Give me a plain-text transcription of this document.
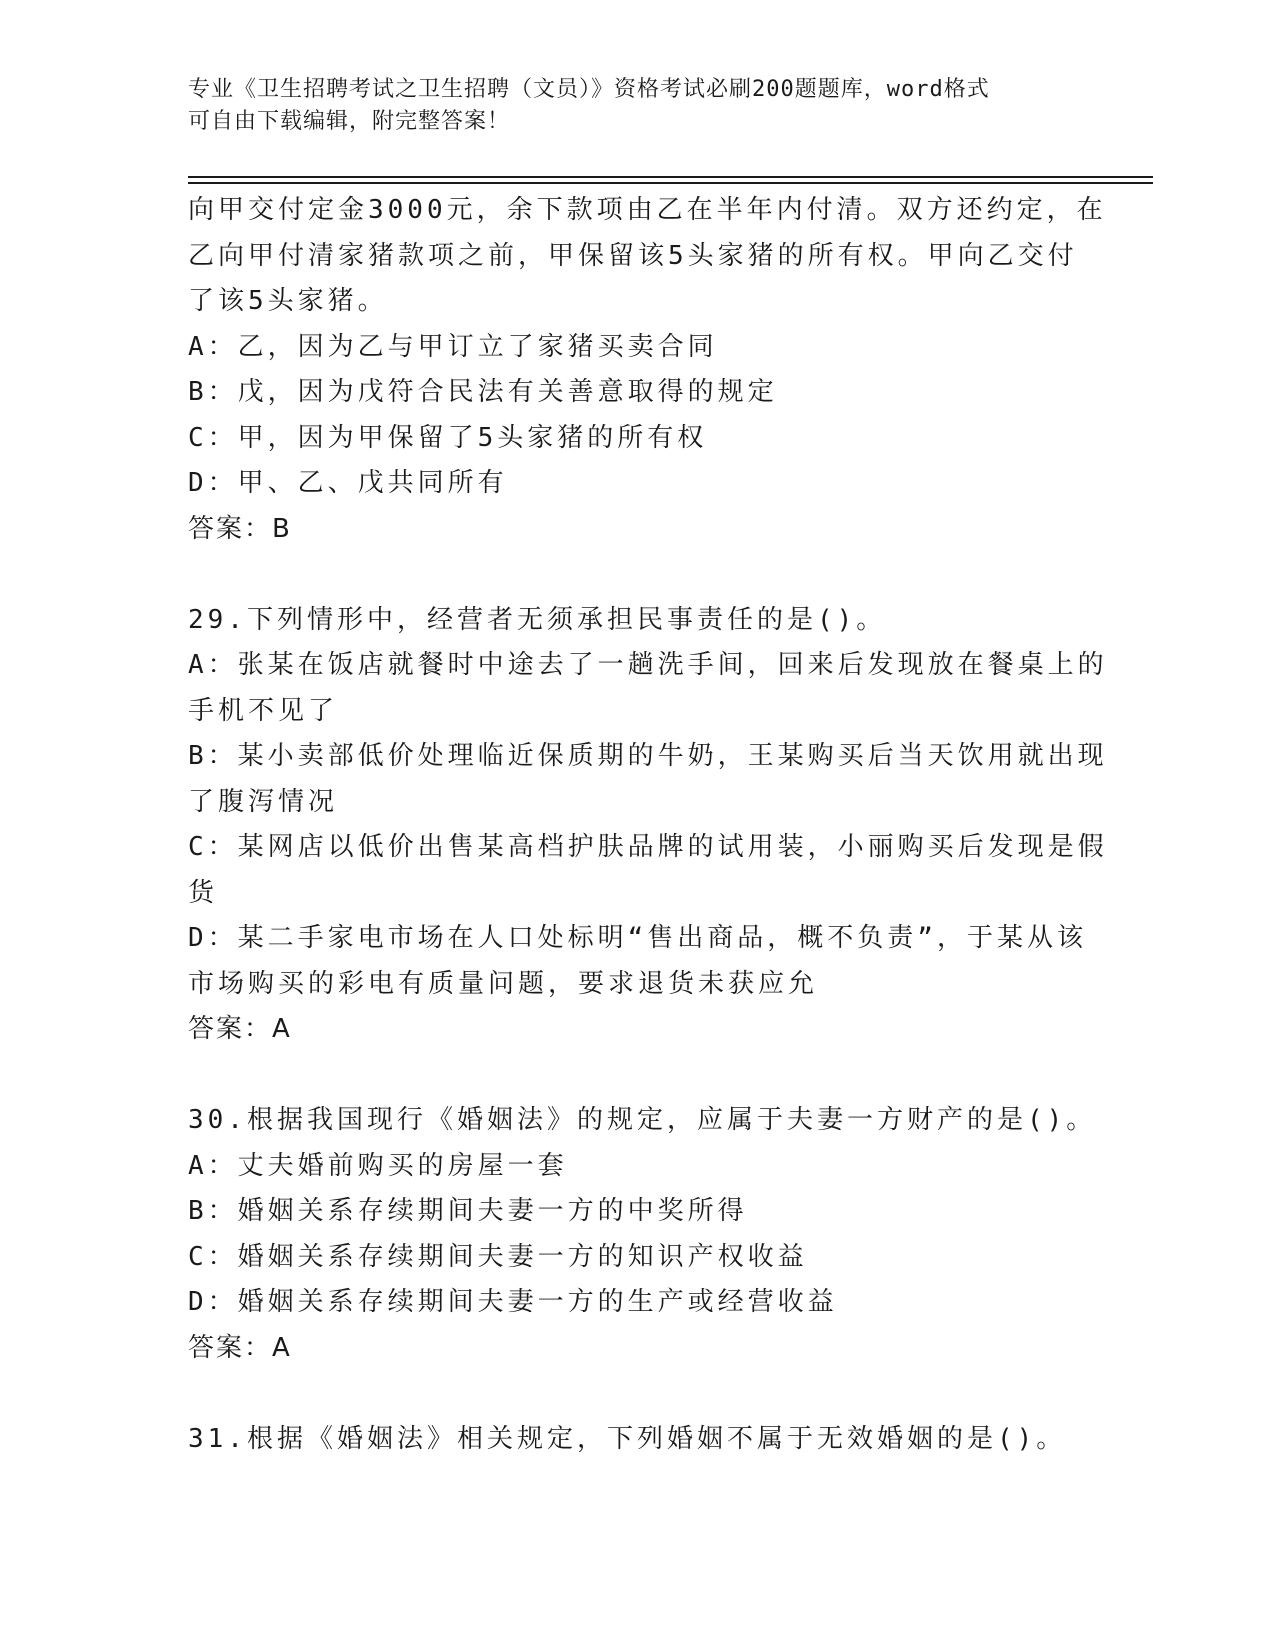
专业《卫生招聘考试之卫生招聘（文员）》资格考试必刷200题题库，word格式
可自由下载编辑，附完整答案！
向甲交付定金3000元，余下款项由乙在半年内付清。双方还约定，在
乙向甲付清家猪款项之前，甲保留该5头家猪的所有权。甲向乙交付
了该5头家猪。
A：乙，因为乙与甲订立了家猪买卖合同
B：戊，因为戊符合民法有关善意取得的规定
C：甲，因为甲保留了5头家猪的所有权
D：甲、乙、戊共同所有
答案：B
29.下列情形中，经营者无须承担民事责任的是()。
A：张某在饭店就餐时中途去了一趟洗手间，回来后发现放在餐桌上的
手机不见了
B：某小卖部低价处理临近保质期的牛奶，王某购买后当天饮用就出现
了腹泻情况
C：某网店以低价出售某高档护肤品牌的试用装，小丽购买后发现是假
货
D：某二手家电市场在人口处标明“售出商品，概不负责”，于某从该
市场购买的彩电有质量问题，要求退货未获应允
答案：A
30.根据我国现行《婚姻法》的规定，应属于夫妻一方财产的是()。
A：丈夫婚前购买的房屋一套
B：婚姻关系存续期间夫妻一方的中奖所得
C：婚姻关系存续期间夫妻一方的知识产权收益
D：婚姻关系存续期间夫妻一方的生产或经营收益
答案：A
31.根据《婚姻法》相关规定，下列婚姻不属于无效婚姻的是()。
